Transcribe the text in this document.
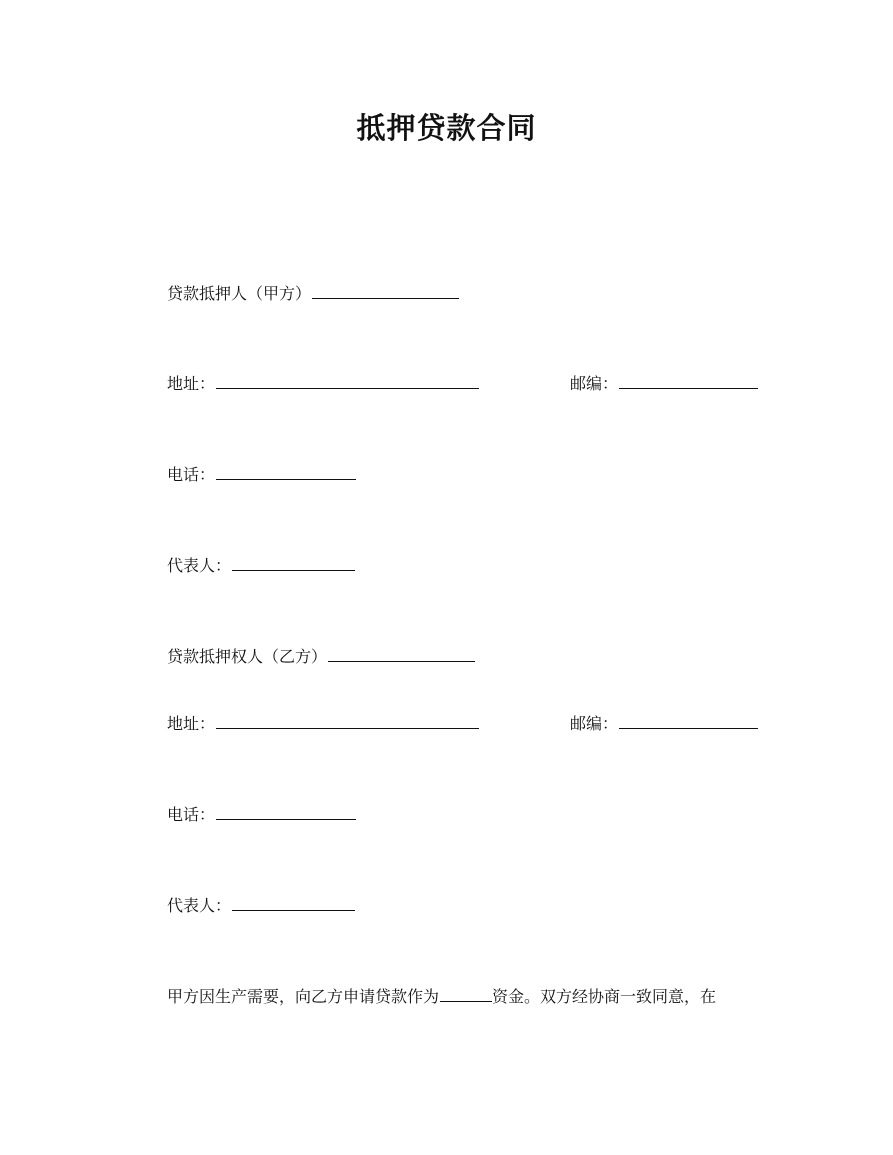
抵押贷款合同
贷款抵押人（甲方）
地址：	邮编：
电话：
代表人：
贷款抵押权人（乙方）
地址：	邮编：
电话：
代表人：
甲方因生产需要，向乙方申请贷款作为	资金。双方经协商一致同意，在
